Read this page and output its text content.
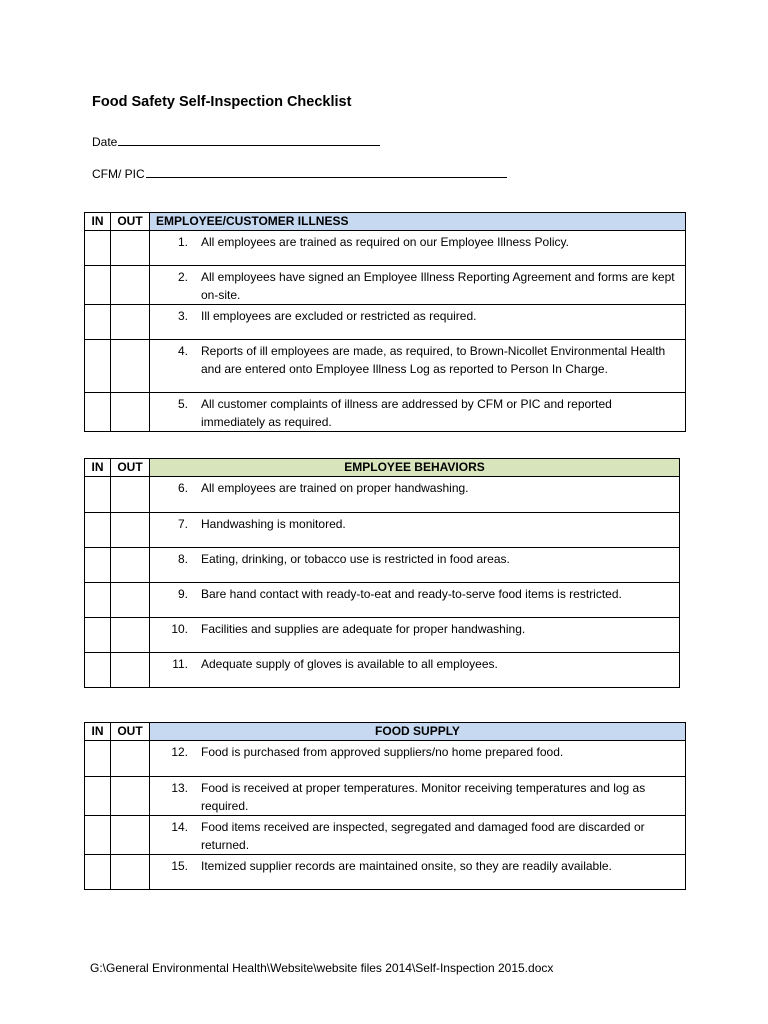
Food Safety Self-Inspection Checklist
Date
CFM/ PIC
IN	OUT	EMPLOYEE/CUSTOMER ILLNESS

		1. All employees are trained as required on our Employee Illness Policy.

		2. All employees have signed an Employee Illness Reporting Agreement and forms are kept on-site.

		3. Ill employees are excluded or restricted as required.

		4. Reports of ill employees are made, as required, to Brown-Nicollet Environmental Health and are entered onto Employee Illness Log as reported to Person In Charge.

		5. All customer complaints of illness are addressed by CFM or PIC and reported immediately as required.
IN	OUT	EMPLOYEE BEHAVIORS

		6. All employees are trained on proper handwashing.

		7. Handwashing is monitored.

		8. Eating, drinking, or tobacco use is restricted in food areas.

		9. Bare hand contact with ready-to-eat and ready-to-serve food items is restricted.

		10. Facilities and supplies are adequate for proper handwashing.

		11. Adequate supply of gloves is available to all employees.
IN	OUT	FOOD SUPPLY

		12. Food is purchased from approved suppliers/no home prepared food.

		13. Food is received at proper temperatures. Monitor receiving temperatures and log as required.

		14. Food items received are inspected, segregated and damaged food are discarded or returned.

		15. Itemized supplier records are maintained onsite, so they are readily available.
G:\General Environmental Health\Website\website files 2014\Self-Inspection 2015.docx
